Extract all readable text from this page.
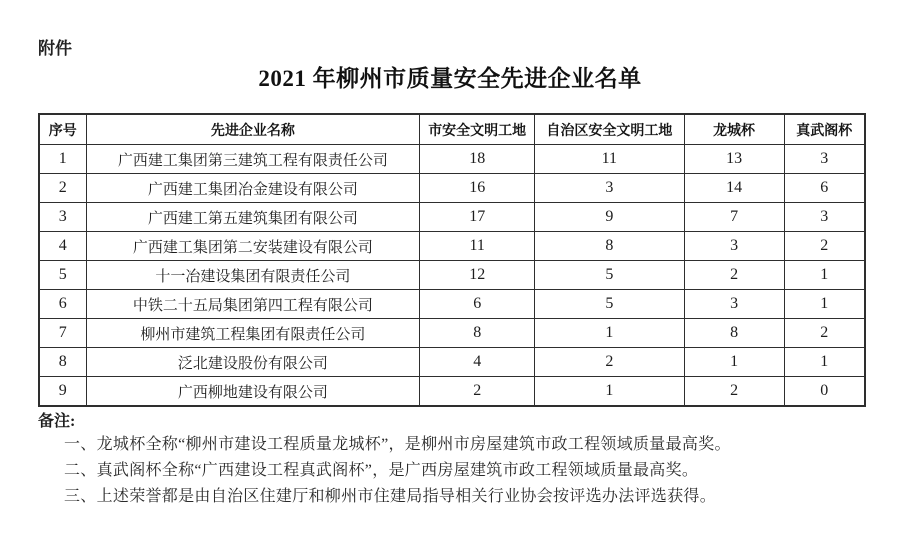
附件
2021 年柳州市质量安全先进企业名单
序号	先进企业名称	市安全文明工地	自治区安全文明工地	龙城杯	真武阁杯
1	广西建工集团第三建筑工程有限责任公司	18	11	13	3
2	广西建工集团冶金建设有限公司	16	3	14	6
3	广西建工第五建筑集团有限公司	17	9	7	3
4	广西建工集团第二安装建设有限公司	11	8	3	2
5	十一冶建设集团有限责任公司	12	5	2	1
6	中铁二十五局集团第四工程有限公司	6	5	3	1
7	柳州市建筑工程集团有限责任公司	8	1	8	2
8	泛北建设股份有限公司	4	2	1	1
9	广西柳地建设有限公司	2	1	2	0
备注:
一、龙城杯全称“柳州市建设工程质量龙城杯”，是柳州市房屋建筑市政工程领域质量最高奖。
二、真武阁杯全称“广西建设工程真武阁杯”，是广西房屋建筑市政工程领域质量最高奖。
三、上述荣誉都是由自治区住建厅和柳州市住建局指导相关行业协会按评选办法评选获得。
